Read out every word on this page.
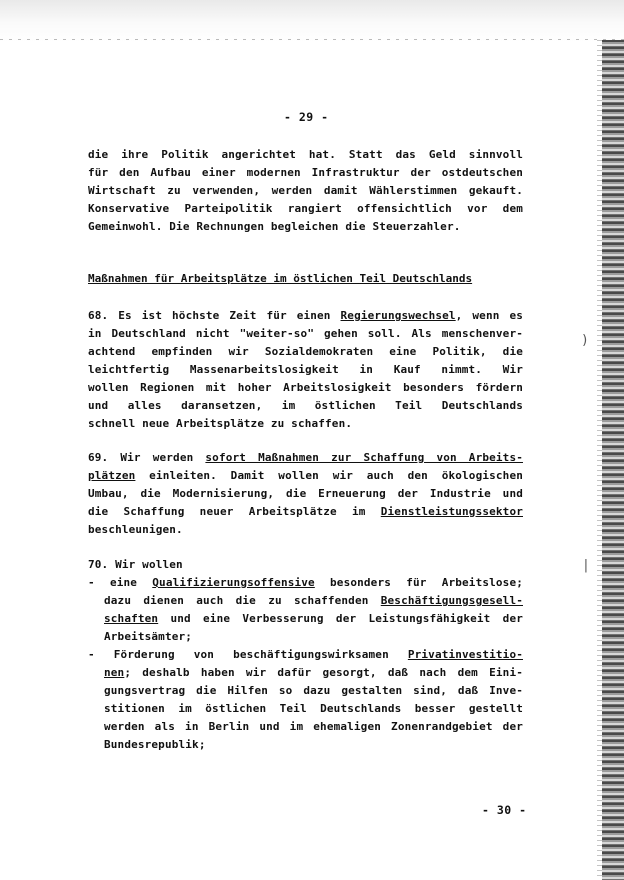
- 29 -
die ihre Politik angerichtet hat. Statt das Geld sinnvoll
für den Aufbau einer modernen Infrastruktur der ostdeutschen
Wirtschaft zu verwenden, werden damit Wählerstimmen gekauft.
Konservative Parteipolitik rangiert offensichtlich vor dem
Gemeinwohl. Die Rechnungen begleichen die Steuerzahler.
Maßnahmen für Arbeitsplätze im östlichen Teil Deutschlands
68. Es ist höchste Zeit für einen Regierungswechsel, wenn es
in Deutschland nicht "weiter-so" gehen soll. Als menschenver-
achtend empfinden wir Sozialdemokraten eine Politik, die
leichtfertig Massenarbeitslosigkeit in Kauf nimmt. Wir
wollen Regionen mit hoher Arbeitslosigkeit besonders fördern
und alles daransetzen, im östlichen Teil Deutschlands
schnell neue Arbeitsplätze zu schaffen.
69. Wir werden sofort Maßnahmen zur Schaffung von Arbeits-
plätzen einleiten. Damit wollen wir auch den ökologischen
Umbau, die Modernisierung, die Erneuerung der Industrie und
die Schaffung neuer Arbeitsplätze im Dienstleistungssektor
beschleunigen.
70. Wir wollen
- eine Qualifizierungsoffensive besonders für Arbeitslose;
dazu dienen auch die zu schaffenden Beschäftigungsgesell-
schaften und eine Verbesserung der Leistungsfähigkeit der
Arbeitsämter;
- Förderung von beschäftigungswirksamen Privatinvestitio-
nen; deshalb haben wir dafür gesorgt, daß nach dem Eini-
gungsvertrag die Hilfen so dazu gestalten sind, daß Inve-
stitionen im östlichen Teil Deutschlands besser gestellt
werden als in Berlin und im ehemaligen Zonenrandgebiet der
Bundesrepublik;
)
|
- 30 -
